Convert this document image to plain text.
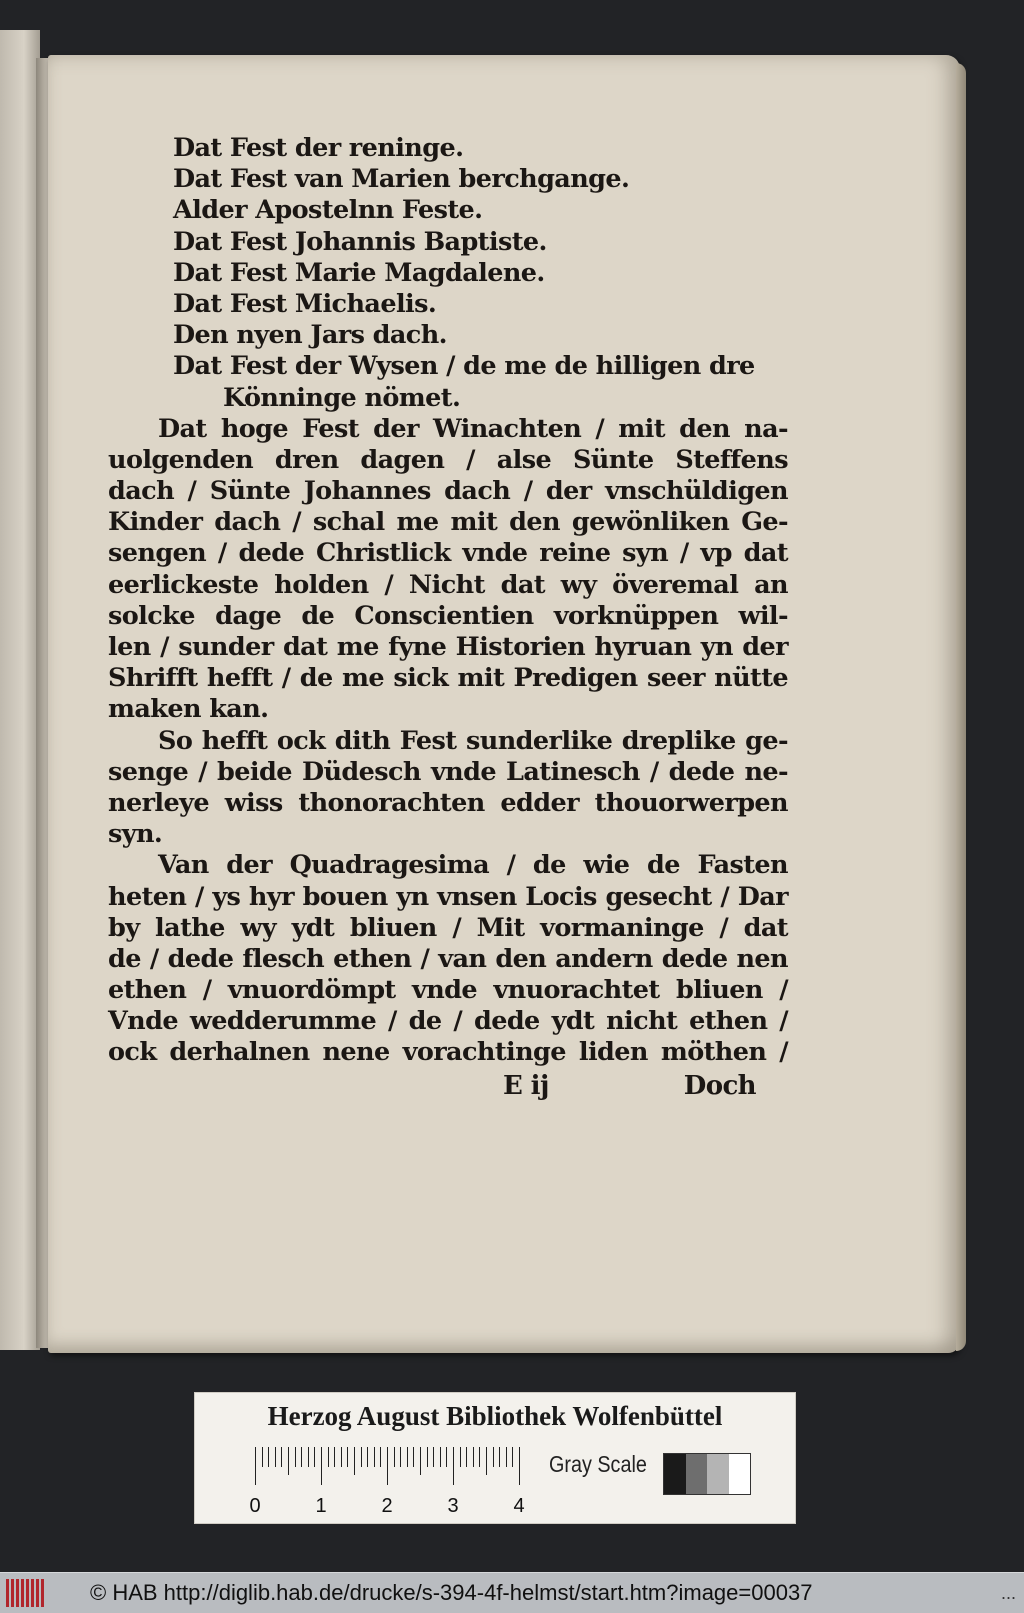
Dat Fest der reninge.
Dat Fest van Marien berchgange.
Alder Apostelnn Feste.
Dat Fest Johannis Baptiste.
Dat Fest Marie Magdalene.
Dat Fest Michaelis.
Den nyen Jars dach.
Dat Fest der Wysen / de me de hilligen dre
Könninge nömet.
Dat hoge Fest der Winachten / mit den na-
uolgenden dren dagen / alse Sünte Steffens
dach / Sünte Johannes dach / der vnschüldigen
Kinder dach / schal me mit den gewönliken Ge-
sengen / dede Christlick vnde reine syn / vp dat
eerlickeste holden / Nicht dat wy överemal an
solcke dage de Conscientien vorknüppen wil-
len / sunder dat me fyne Historien hyruan yn der
Shrifft hefft / de me sick mit Predigen seer nütte
maken kan.
So hefft ock dith Fest sunderlike dreplike ge-
senge / beide Düdesch vnde Latinesch / dede ne-
nerleye wiss thonorachten edder thouorwerpen
syn.
Van der Quadragesima / de wie de Fasten
heten / ys hyr bouen yn vnsen Locis gesecht / Dar
by lathe wy ydt bliuen / Mit vormaninge / dat
de / dede flesch ethen / van den andern dede nen
ethen / vnuordömpt vnde vnuorachtet bliuen /
Vnde wedderumme / de / dede ydt nicht ethen /
ock derhalnen nene vorachtinge liden möthen /
E ij	Doch
Herzog August Bibliothek Wolfenbüttel
0	1	2	3	4
Gray Scale
© HAB http://diglib.hab.de/drucke/s-394-4f-helmst/start.htm?image=00037	...
